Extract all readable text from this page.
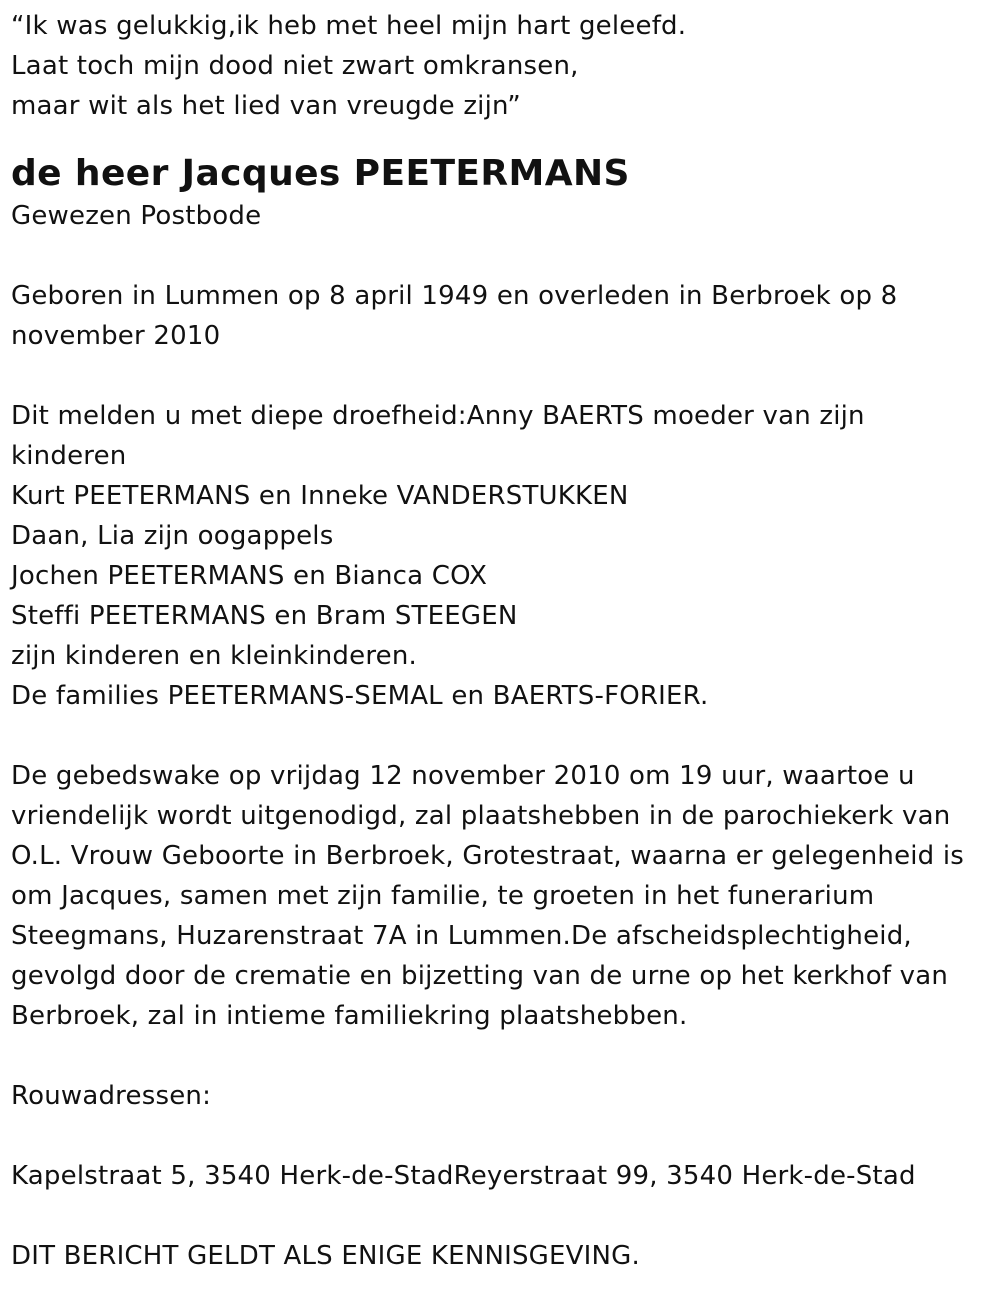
“Ik was gelukkig,ik heb met heel mijn hart geleefd.
Laat toch mijn dood niet zwart omkransen,
maar wit als het lied van vreugde zijn”
de heer Jacques PEETERMANS
Gewezen Postbode
Geboren in Lummen op 8 april 1949 en overleden in Berbroek op 8
november 2010
Dit melden u met diepe droefheid:Anny BAERTS moeder van zijn
kinderen
Kurt PEETERMANS en Inneke VANDERSTUKKEN
Daan, Lia zijn oogappels
Jochen PEETERMANS en Bianca COX
Steffi PEETERMANS en Bram STEEGEN
zijn kinderen en kleinkinderen.
De families PEETERMANS-SEMAL en BAERTS-FORIER.
De gebedswake op vrijdag 12 november 2010 om 19 uur, waartoe u
vriendelijk wordt uitgenodigd, zal plaatshebben in de parochiekerk van
O.L. Vrouw Geboorte in Berbroek, Grotestraat, waarna er gelegenheid is
om Jacques, samen met zijn familie, te groeten in het funerarium
Steegmans, Huzarenstraat 7A in Lummen.De afscheidsplechtigheid,
gevolgd door de crematie en bijzetting van de urne op het kerkhof van
Berbroek, zal in intieme familiekring plaatshebben.
Rouwadressen:
Kapelstraat 5, 3540 Herk-de-StadReyerstraat 99, 3540 Herk-de-Stad
DIT BERICHT GELDT ALS ENIGE KENNISGEVING.
